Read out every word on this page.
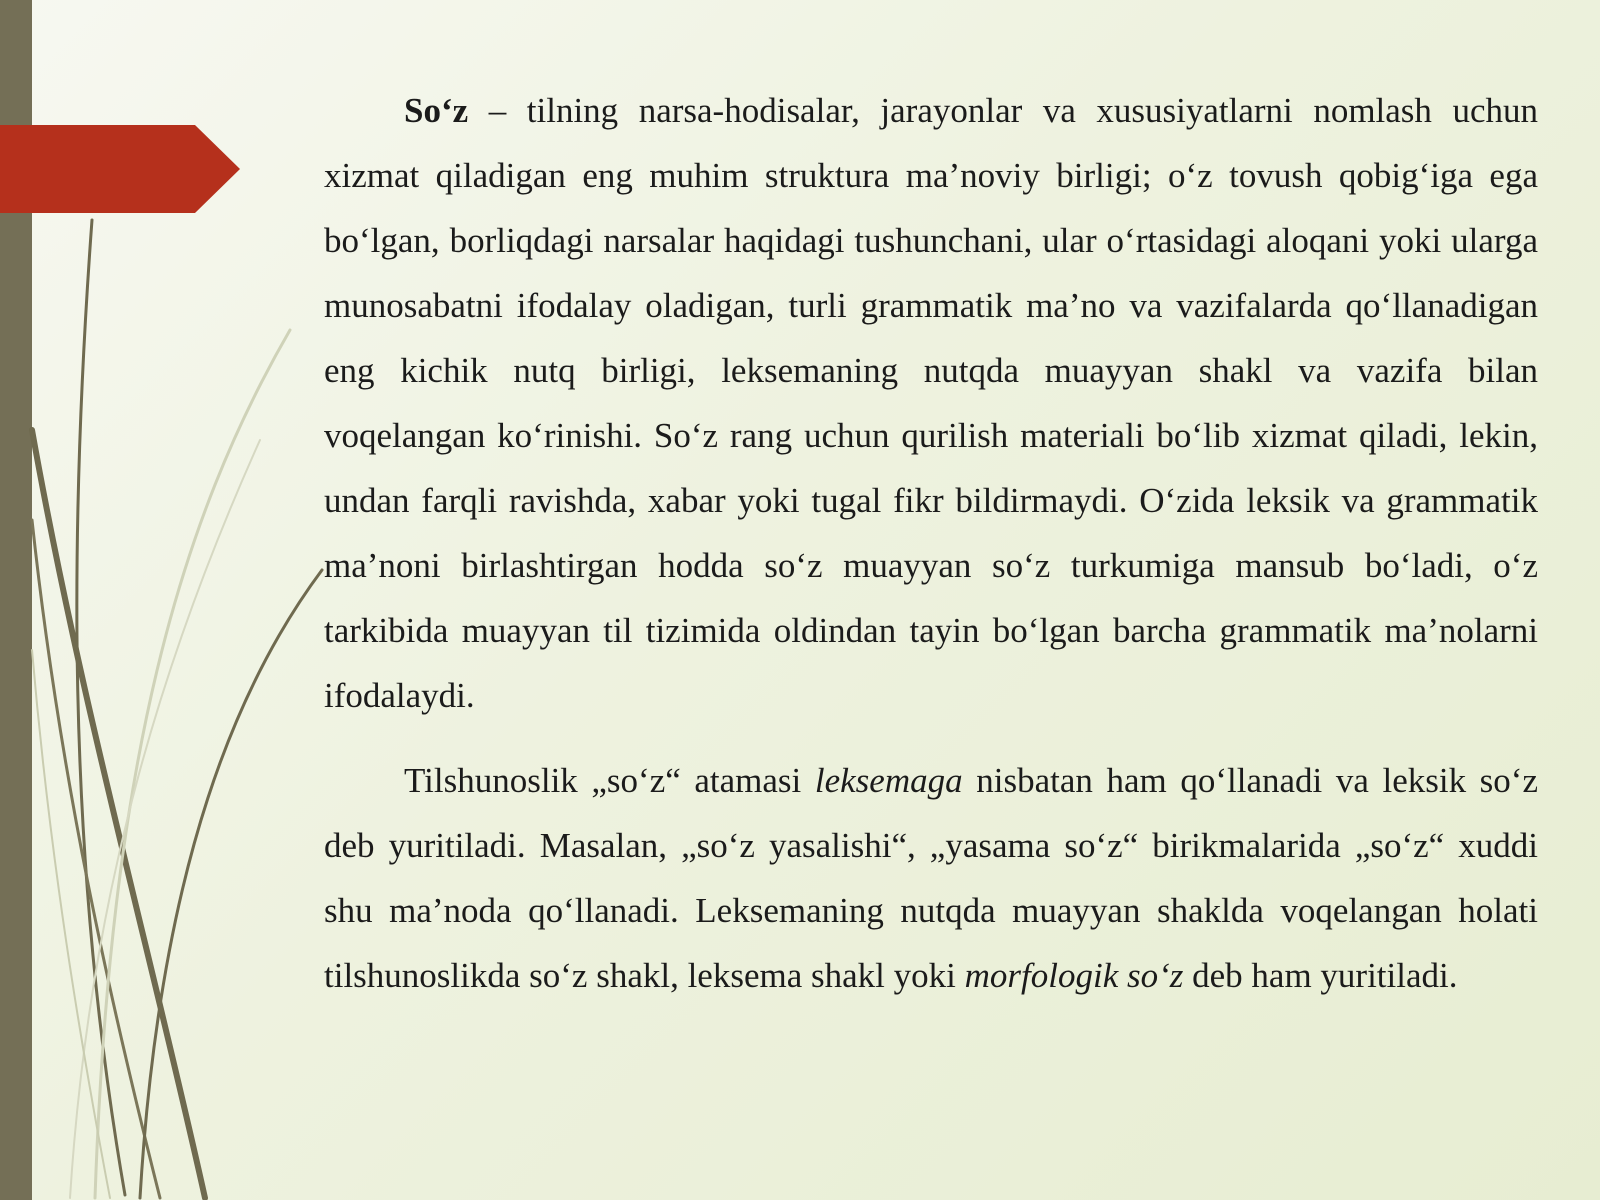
So‘z – tilning narsa-hodisalar, jarayonlar va xususiyatlarni nomlash uchun xizmat qiladigan eng muhim struktura ma’noviy birligi; o‘z tovush qobig‘iga ega bo‘lgan, borliqdagi narsalar haqidagi tushunchani, ular o‘rtasidagi aloqani yoki ularga munosabatni ifodalay oladigan, turli grammatik ma’no va vazifalarda qo‘llanadigan eng kichik nutq birligi, leksemaning nutqda muayyan shakl va vazifa bilan voqelangan ko‘rinishi. So‘z rang uchun qurilish materiali bo‘lib xizmat qiladi, lekin, undan farqli ravishda, xabar yoki tugal fikr bildirmaydi. O‘zida leksik va grammatik ma’noni birlashtirgan hodda so‘z muayyan so‘z turkumiga mansub bo‘ladi, o‘z tarkibida muayyan til tizimida oldindan tayin bo‘lgan barcha grammatik ma’nolarni ifodalaydi.

Tilshunoslik „so‘z“ atamasi leksemaga nisbatan ham qo‘llanadi va leksik so‘z deb yuritiladi. Masalan, „so‘z yasalishi“, „yasama so‘z“ birikmalarida „so‘z“ xuddi shu ma’noda qo‘llanadi. Leksemaning nutqda muayyan shaklda voqelangan holati tilshunoslikda so‘z shakl, leksema shakl yoki morfologik so‘z deb ham yuritiladi.
